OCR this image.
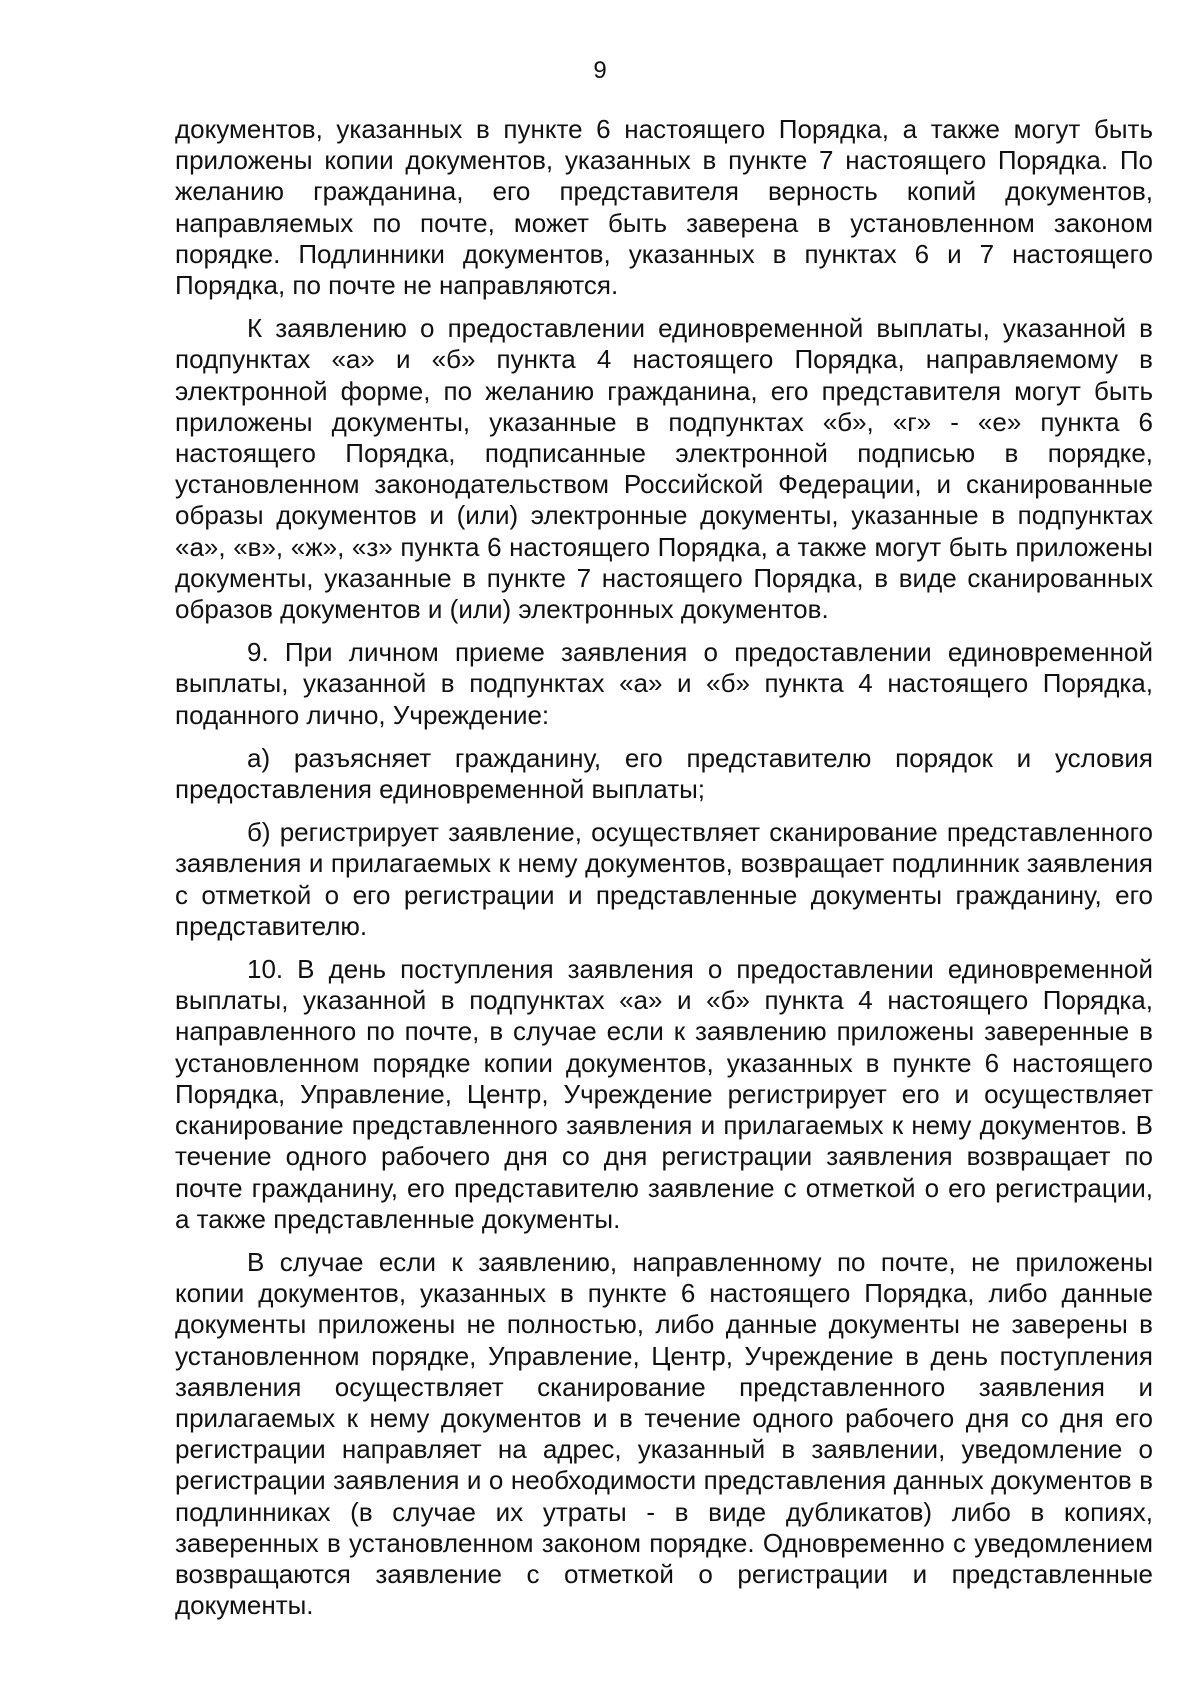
9

документов, указанных в пункте 6 настоящего Порядка, а также могут быть приложены копии документов, указанных в пункте 7 настоящего Порядка. По желанию гражданина, его представителя верность копий документов, направляемых по почте, может быть заверена в установленном законом порядке. Подлинники документов, указанных в пунктах 6 и 7 настоящего Порядка, по почте не направляются.

К заявлению о предоставлении единовременной выплаты, указанной в подпунктах «а» и «б» пункта 4 настоящего Порядка, направляемому в электронной форме, по желанию гражданина, его представителя могут быть приложены документы, указанные в подпунктах «б», «г» - «е» пункта 6 настоящего Порядка, подписанные электронной подписью в порядке, установленном законодательством Российской Федерации, и сканированные образы документов и (или) электронные документы, указанные в подпунктах «а», «в», «ж», «з» пункта 6 настоящего Порядка, а также могут быть приложены документы, указанные в пункте 7 настоящего Порядка, в виде сканированных образов документов и (или) электронных документов.

9. При личном приеме заявления о предоставлении единовременной выплаты, указанной в подпунктах «а» и «б» пункта 4 настоящего Порядка, поданного лично, Учреждение:

а) разъясняет гражданину, его представителю порядок и условия предоставления единовременной выплаты;

б) регистрирует заявление, осуществляет сканирование представленного заявления и прилагаемых к нему документов, возвращает подлинник заявления с отметкой о его регистрации и представленные документы гражданину, его представителю.

10. В день поступления заявления о предоставлении единовременной выплаты, указанной в подпунктах «а» и «б» пункта 4 настоящего Порядка, направленного по почте, в случае если к заявлению приложены заверенные в установленном порядке копии документов, указанных в пункте 6 настоящего Порядка, Управление, Центр, Учреждение регистрирует его и осуществляет сканирование представленного заявления и прилагаемых к нему документов. В течение одного рабочего дня со дня регистрации заявления возвращает по почте гражданину, его представителю заявление с отметкой о его регистрации, а также представленные документы.

В случае если к заявлению, направленному по почте, не приложены копии документов, указанных в пункте 6 настоящего Порядка, либо данные документы приложены не полностью, либо данные документы не заверены в установленном порядке, Управление, Центр, Учреждение в день поступления заявления осуществляет сканирование представленного заявления и прилагаемых к нему документов и в течение одного рабочего дня со дня его регистрации направляет на адрес, указанный в заявлении, уведомление о регистрации заявления и о необходимости представления данных документов в подлинниках (в случае их утраты - в виде дубликатов) либо в копиях, заверенных в установленном законом порядке. Одновременно с уведомлением возвращаются заявление с отметкой о регистрации и представленные документы.
